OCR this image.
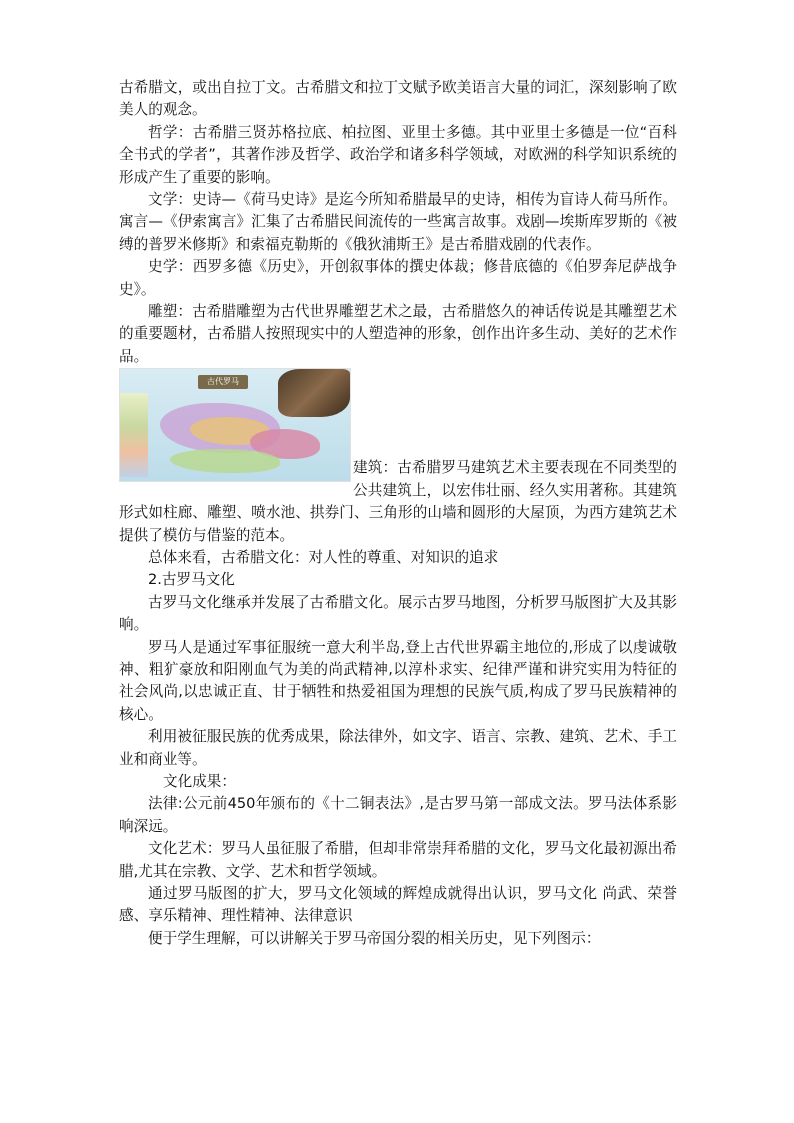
古希腊文，或出自拉丁文。古希腊文和拉丁文赋予欧美语言大量的词汇，深刻影响了欧美人的观念。

哲学：古希腊三贤苏格拉底、柏拉图、亚里士多德。其中亚里士多德是一位“百科全书式的学者”，其著作涉及哲学、政治学和诸多科学领域，对欧洲的科学知识系统的形成产生了重要的影响。

文学：史诗—《荷马史诗》是迄今所知希腊最早的史诗，相传为盲诗人荷马所作。寓言—《伊索寓言》汇集了古希腊民间流传的一些寓言故事。戏剧—埃斯库罗斯的《被缚的普罗米修斯》和索福克勒斯的《俄狄浦斯王》是古希腊戏剧的代表作。

史学：西罗多德《历史》，开创叙事体的撰史体裁；修昔底德的《伯罗奔尼萨战争史》。

雕塑：古希腊雕塑为古代世界雕塑艺术之最，古希腊悠久的神话传说是其雕塑艺术的重要题材，古希腊人按照现实中的人塑造神的形象，创作出许多生动、美好的艺术作品。

古代罗马

建筑：古希腊罗马建筑艺术主要表现在不同类型的公共建筑上，以宏伟壮丽、经久实用著称。其建筑形式如柱廊、雕塑、喷水池、拱券门、三角形的山墙和圆形的大屋顶，为西方建筑艺术提供了模仿与借鉴的范本。

总体来看，古希腊文化：对人性的尊重、对知识的追求

2.古罗马文化

古罗马文化继承并发展了古希腊文化。展示古罗马地图，分析罗马版图扩大及其影响。

罗马人是通过军事征服统一意大利半岛,登上古代世界霸主地位的,形成了以虔诚敬神、粗犷豪放和阳刚血气为美的尚武精神,以淳朴求实、纪律严谨和讲究实用为特征的社会风尚,以忠诚正直、甘于牺牲和热爱祖国为理想的民族气质,构成了罗马民族精神的核心。

利用被征服民族的优秀成果，除法律外，如文字、语言、宗教、建筑、艺术、手工业和商业等。

文化成果：

法律:公元前450年颁布的《十二铜表法》,是古罗马第一部成文法。罗马法体系影响深远。

文化艺术：罗马人虽征服了希腊，但却非常崇拜希腊的文化，罗马文化最初源出希腊,尤其在宗教、文学、艺术和哲学领域。

通过罗马版图的扩大，罗马文化领域的辉煌成就得出认识，罗马文化 尚武、荣誉感、享乐精神、理性精神、法律意识

便于学生理解，可以讲解关于罗马帝国分裂的相关历史，见下列图示：
